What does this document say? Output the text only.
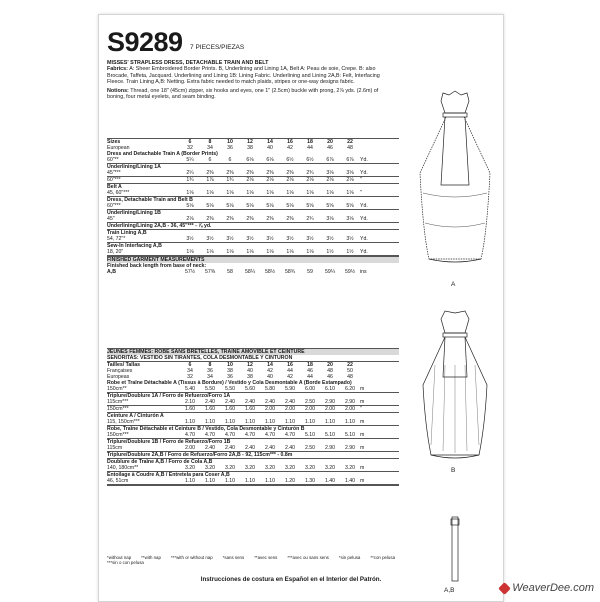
S9289 7 PIECES/PIEZAS
MISSES' STRAPLESS DRESS, DETACHABLE TRAIN AND BELT
Fabrics: A: Sheer Embroidered Border Prints. B, Underlining and Lining 1A, Belt A: Peau de soie, Crepe. B: also Brocade, Taffeta, Jacquard. Underlining and Lining 1B: Lining Fabric. Underlining and Lining 2A,B: Felt, Interfacing Fleece. Train Lining A,B: Netting. Extra fabric needed to match plaids, stripes or one-way designs fabric.
Notions: Thread, one 18" (45cm) zipper, six hooks and eyes, one 1" (2.5cm) buckle with prong, 2⅞ yds. (2.6m) of boning, four metal eyelets, and seam binding.
Sizes	6	8	10	12	14	16	18	20	22
European	32	34	36	38	40	42	44	46	48
Dress and Detachable Train A (Border Prints)
60"**	5¼	6	6	6⅛	6⅛	6½	6½	6⅞	6⅞	Yd.
Underlining/Lining 1A
45"***	2¼	2⅜	2⅜	2⅜	2⅜	2⅜	2¾	3⅛	3⅛	Yd.
60"***	1¾	1⅞	1¾	2⅛	2⅛	2⅛	2⅛	2⅛	2⅛	"
Belt A
45, 60"***	1⅛	1⅛	1⅛	1⅛	1⅛	1⅛	1⅛	1⅛	1⅛	"
Dress, Detachable Train and Belt B
60"***	5⅛	5⅛	5⅛	5⅛	5⅛	5⅛	5⅝	5⅝	5⅝	Yd.
Underlining/Lining 1B
45"	2⅛	2⅜	2⅜	2⅜	2⅜	2⅜	2¾	3⅛	3⅛	Yd.
Underlining/Lining 2A,B - 36, 45"*** - ⅞ yd.
Train Lining A,B
54, 72"*	3½	3½	3½	3½	3½	3½	3½	3½	3½	Yd.
Sew-In Interfacing A,B
18, 20"	1⅛	1⅛	1⅛	1⅛	1⅛	1⅛	1⅛	1½	1½	Yd.
FINISHED GARMENT MEASUREMENTS
Finished back length from base of neck:
A,B	57½	57⅜	58	58¼	58½	58¾	59	59¼	59½ ins
JEUNES FEMMES: ROBE SANS BRETELLES, TRAÎNE AMOVIBLE ET CEINTURE
SEÑORITAS: VESTIDO SIN TIRANTES, COLA DESMONTABLE Y CINTURÓN
Tailles/ Tallas	6	8	10	12	14	16	18	20	22
Françaises	34	36	38	40	42	44	46	48	50
Europeas	32	34	36	38	40	42	44	46	48
Robe et Traîne Détachable A (Tissus à Bordure) / Vestido y Cola Desmontable A (Borde Estampado)
150cm**	5.40	5.50	5.50	5.60	5.80	5.90	6.00	6.10	6.20 m
Triplure/Doublure 1A / Forro de Refuerzo/Forro 1A
115cm***	2.10	2.40	2.40	2.40	2.40	2.40	2.50	2.90	2.90 m
150cm***	1.60	1.60	1.60	1.60	2.00	2.00	2.00	2.00	2.00 "
Ceinture A / Cinturón A
115, 150cm***	1.10	1.10	1.10	1.10	1.10	1.10	1.10	1.10	1.10 m
Robe, Traîne Détachable et Ceinture B / Vestido, Cola Desmontable y Cinturón B
150cm***	4.70	4.70	4.70	4.70	4.70	4.70	5.10	5.10	5.10 m
Triplure/Doublure 1B / Forro de Refuerzo/Forro 1B
115cm	2.00	2.40	2.40	2.40	2.40	2.40	2.50	2.90	2.90 m
Triplure/Doublure 2A,B / Forro de Refuerzo/Forro 2A,B - 92, 115cm*** - 0.8m
Doublure de Traîne A,B / Forro de Cola A,B
140, 180cm**	3.20	3.20	3.20	3.20	3.20	3.20	3.20	3.20	3.20 m
Entoilage à Coudre A,B / Entretela para Coser A,B
46, 51cm	1.10	1.10	1.10	1.10	1.10	1.20	1.30	1.40	1.40 m
*without nap **with nap ***with or without nap *sans sens **avec sens ***avec ou sans sens *sin pelusa **con pelusa
***sin o con pelusa
Instrucciones de costura en Español en el Interior del Patrón.
A
B
A,B	WeaverDee.com
